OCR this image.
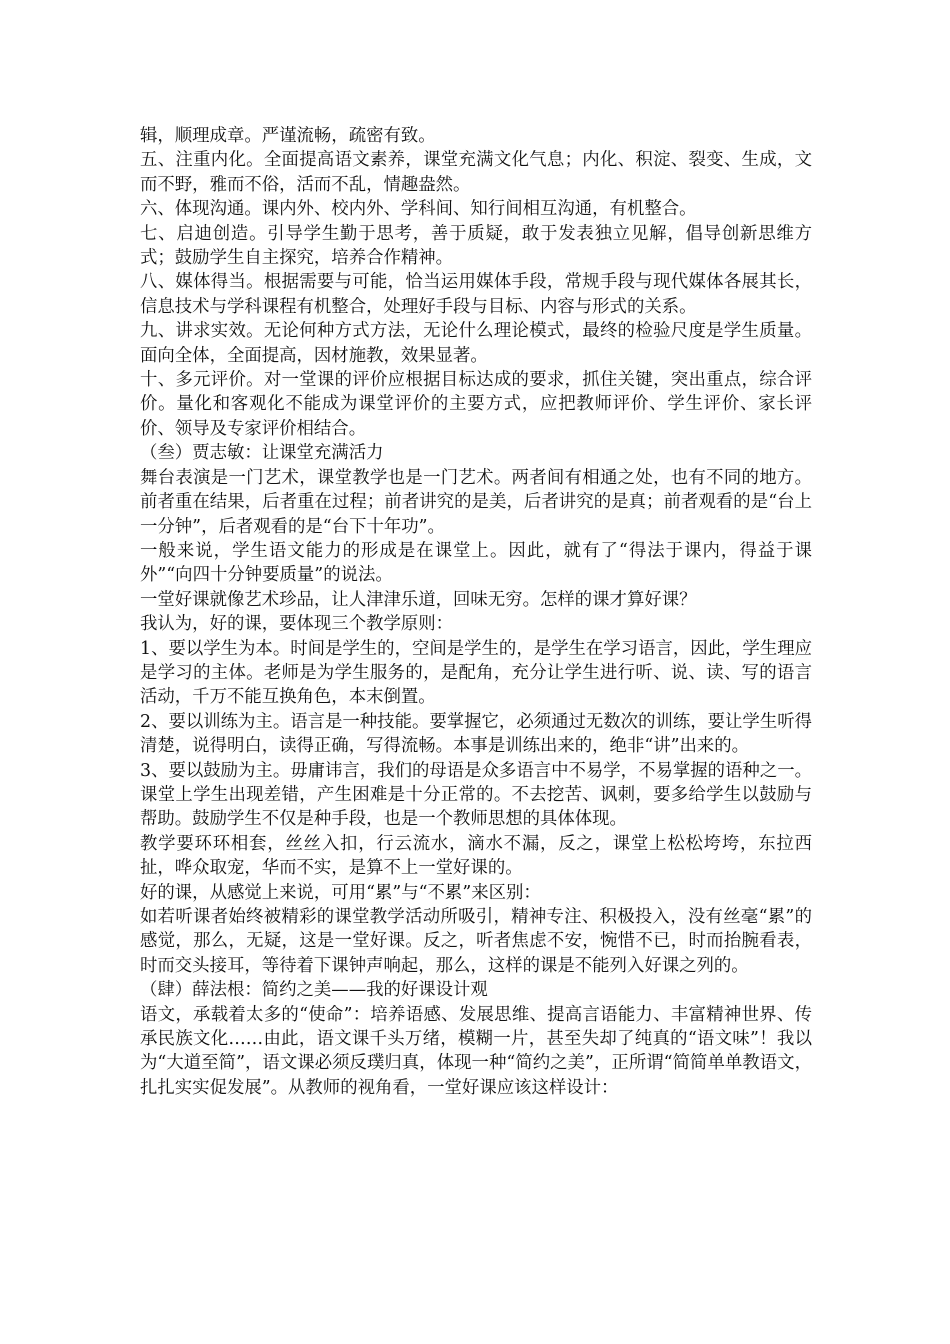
辑，顺理成章。严谨流畅，疏密有致。

五、注重内化。全面提高语文素养，课堂充满文化气息；内化、积淀、裂变、生成，文而不野，雅而不俗，活而不乱，情趣盎然。

六、体现沟通。课内外、校内外、学科间、知行间相互沟通，有机整合。

七、启迪创造。引导学生勤于思考，善于质疑，敢于发表独立见解，倡导创新思维方式；鼓励学生自主探究，培养合作精神。

八、媒体得当。根据需要与可能，恰当运用媒体手段，常规手段与现代媒体各展其长，信息技术与学科课程有机整合，处理好手段与目标、内容与形式的关系。

九、讲求实效。无论何种方式方法，无论什么理论模式，最终的检验尺度是学生质量。面向全体，全面提高，因材施教，效果显著。

十、多元评价。对一堂课的评价应根据目标达成的要求，抓住关键，突出重点，综合评价。量化和客观化不能成为课堂评价的主要方式，应把教师评价、学生评价、家长评价、领导及专家评价相结合。

（叁）贾志敏：让课堂充满活力

舞台表演是一门艺术，课堂教学也是一门艺术。两者间有相通之处，也有不同的地方。前者重在结果，后者重在过程；前者讲究的是美，后者讲究的是真；前者观看的是“台上一分钟”，后者观看的是“台下十年功”。

一般来说，学生语文能力的形成是在课堂上。因此，就有了“得法于课内，得益于课外”“向四十分钟要质量”的说法。

一堂好课就像艺术珍品，让人津津乐道，回味无穷。怎样的课才算好课？

我认为，好的课，要体现三个教学原则：

1、要以学生为本。时间是学生的，空间是学生的，是学生在学习语言，因此，学生理应是学习的主体。老师是为学生服务的，是配角，充分让学生进行听、说、读、写的语言活动，千万不能互换角色，本末倒置。

2、要以训练为主。语言是一种技能。要掌握它，必须通过无数次的训练，要让学生听得清楚，说得明白，读得正确，写得流畅。本事是训练出来的，绝非“讲”出来的。

3、要以鼓励为主。毋庸讳言，我们的母语是众多语言中不易学，不易掌握的语种之一。课堂上学生出现差错，产生困难是十分正常的。不去挖苦、讽刺，要多给学生以鼓励与帮助。鼓励学生不仅是种手段，也是一个教师思想的具体体现。

教学要环环相套，丝丝入扣，行云流水，滴水不漏，反之，课堂上松松垮垮，东拉西扯，哗众取宠，华而不实，是算不上一堂好课的。

好的课，从感觉上来说，可用“累”与“不累”来区别：

如若听课者始终被精彩的课堂教学活动所吸引，精神专注、积极投入，没有丝毫“累”的感觉，那么，无疑，这是一堂好课。反之，听者焦虑不安，惋惜不已，时而抬腕看表，时而交头接耳，等待着下课钟声响起，那么，这样的课是不能列入好课之列的。

（肆）薛法根：简约之美——我的好课设计观

语文，承载着太多的“使命”：培养语感、发展思维、提高言语能力、丰富精神世界、传承民族文化……由此，语文课千头万绪，模糊一片，甚至失却了纯真的“语文味”！我以为“大道至简”，语文课必须反璞归真，体现一种“简约之美”，正所谓“简简单单教语文，扎扎实实促发展”。从教师的视角看，一堂好课应该这样设计：
